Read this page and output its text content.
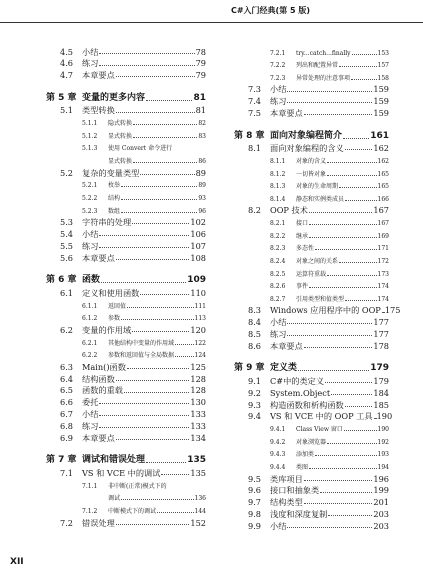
C#入门经典(第 5 版)
4.5	小结	78
4.6	练习	79
4.7	本章要点	79
第 5 章 变量的更多内容	81
5.1	类型转换	81
5.1.1	隐式转换	82
5.1.2	显式转换	83
5.1.3	使用 Convert 命令进行
显式转换	86
5.2	复杂的变量类型	89
5.2.1	枚举	89
5.2.2	结构	93
5.2.3	数组	96
5.3	字符串的处理	102
5.4	小结	106
5.5	练习	107
5.6	本章要点	108
第 6 章 函数	109
6.1	定义和使用函数	110
6.1.1	返回值	111
6.1.2	参数	113
6.2	变量的作用域	120
6.2.1	其他结构中变量的作用域	122
6.2.2	参数和返回值与全局数据	124
6.3	Main()函数	125
6.4	结构函数	128
6.5	函数的重载	128
6.6	委托	130
6.7	小结	133
6.8	练习	133
6.9	本章要点	134
第 7 章 调试和错误处理	135
7.1	VS 和 VCE 中的调试	135
7.1.1	非中断(正常)模式下的
调试	136
7.1.2	中断模式下的调试	144
7.2	错误处理	152
7.2.1	try...catch...finally	153
7.2.2	列出和配置异常	157
7.2.3	异常处理的注意事项	158
7.3	小结	159
7.4	练习	159
7.5	本章要点	159
第 8 章 面向对象编程简介	161
8.1	面向对象编程的含义	162
8.1.1	对象的含义	162
8.1.2	一切皆对象	165
8.1.3	对象的生命周期	165
8.1.4	静态和实例类成员	166
8.2	OOP 技术	167
8.2.1	接口	167
8.2.2	继承	169
8.2.3	多态性	171
8.2.4	对象之间的关系	172
8.2.5	运算符重载	173
8.2.6	事件	174
8.2.7	引用类型和值类型	174
8.3	Windows 应用程序中的 OOP 175
8.4	小结	177
8.5	练习	177
8.6	本章要点	178
第 9 章 定义类	179
9.1	C#中的类定义	179
9.2	System.Object	184
9.3	构造函数和析构函数	185
9.4	VS 和 VCE 中的 OOP 工具 190
9.4.1	Class View 窗口	190
9.4.2	对象浏览器	192
9.4.3	添加类	193
9.4.4	类图	194
9.5	类库项目	196
9.6	接口和抽象类	199
9.7	结构类型	201
9.8	浅度和深度复制	203
9.9	小结	203
XII
